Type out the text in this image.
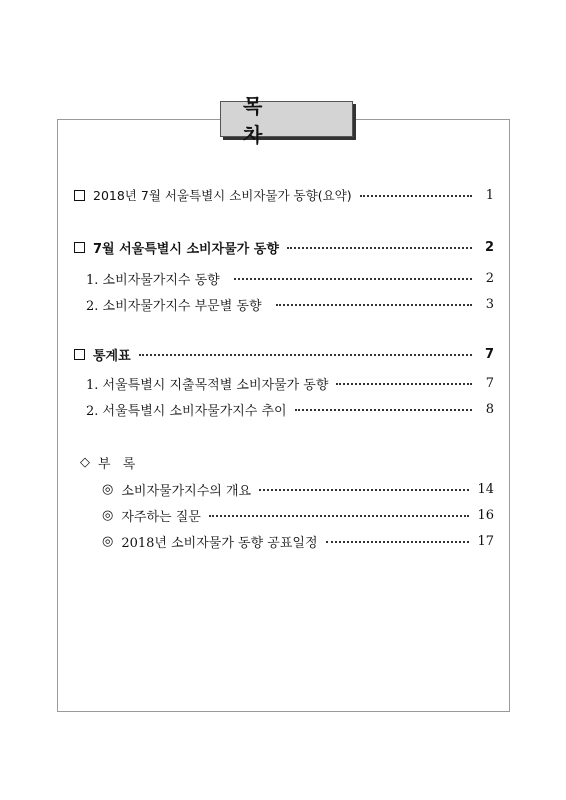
목 차
2018년 7월 서울특별시 소비자물가 동향(요약)	1
7월 서울특별시 소비자물가 동향	2
1. 소비자물가지수 동향	2
2. 소비자물가지수 부문별 동향	3
통계표	7
1. 서울특별시 지출목적별 소비자물가 동향	7
2. 서울특별시 소비자물가지수 추이	8
◇ 부 록
◎ 소비자물가지수의 개요	14
◎ 자주하는 질문	16
◎ 2018년 소비자물가 동향 공표일정	17
